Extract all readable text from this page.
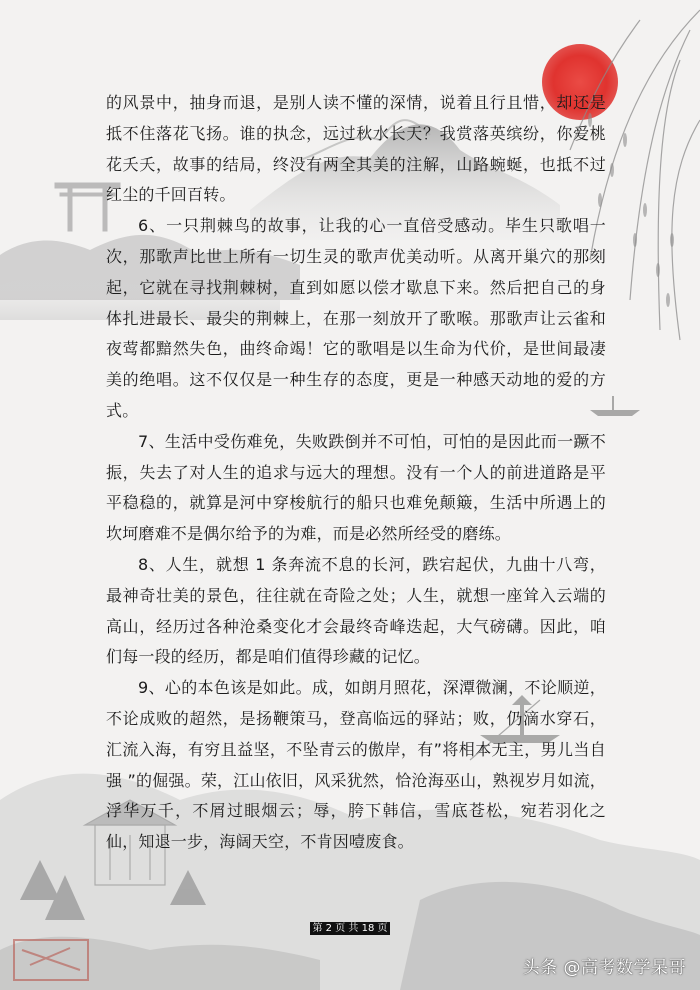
的风景中，抽身而退，是别人读不懂的深情，说着且行且惜，却还是抵不住落花飞扬。谁的执念，远过秋水长天？我赏落英缤纷，你爱桃花夭夭，故事的结局，终没有两全其美的注解，山路蜿蜒，也抵不过红尘的千回百转。

6、一只荆棘鸟的故事，让我的心一直倍受感动。毕生只歌唱一次，那歌声比世上所有一切生灵的歌声优美动听。从离开巢穴的那刻起，它就在寻找荆棘树，直到如愿以偿才歇息下来。然后把自己的身体扎进最长、最尖的荆棘上，在那一刻放开了歌喉。那歌声让云雀和夜莺都黯然失色，曲终命竭！它的歌唱是以生命为代价，是世间最凄美的绝唱。这不仅仅是一种生存的态度，更是一种感天动地的爱的方式。

7、生活中受伤难免，失败跌倒并不可怕，可怕的是因此而一蹶不振，失去了对人生的追求与远大的理想。没有一个人的前进道路是平平稳稳的，就算是河中穿梭航行的船只也难免颠簸，生活中所遇上的坎坷磨难不是偶尔给予的为难，而是必然所经受的磨练。

8、人生，就想 1 条奔流不息的长河，跌宕起伏，九曲十八弯，最神奇壮美的景色，往往就在奇险之处；人生，就想一座耸入云端的高山，经历过各种沧桑变化才会最终奇峰迭起，大气磅礴。因此，咱们每一段的经历，都是咱们值得珍藏的记忆。

9、心的本色该是如此。成，如朗月照花，深潭微澜，不论顺逆，不论成败的超然，是扬鞭策马，登高临远的驿站；败，仍滴水穿石，汇流入海，有穷且益坚，不坠青云的傲岸，有”将相本无主，男儿当自强 ”的倔强。荣，江山依旧，风采犹然，恰沧海巫山，熟视岁月如流，浮华万千，不屑过眼烟云；辱，胯下韩信，雪底苍松，宛若羽化之仙，知退一步，海阔天空，不肯因噎废食。

第 2 页 共 18 页
头条 @高考数学呆哥
